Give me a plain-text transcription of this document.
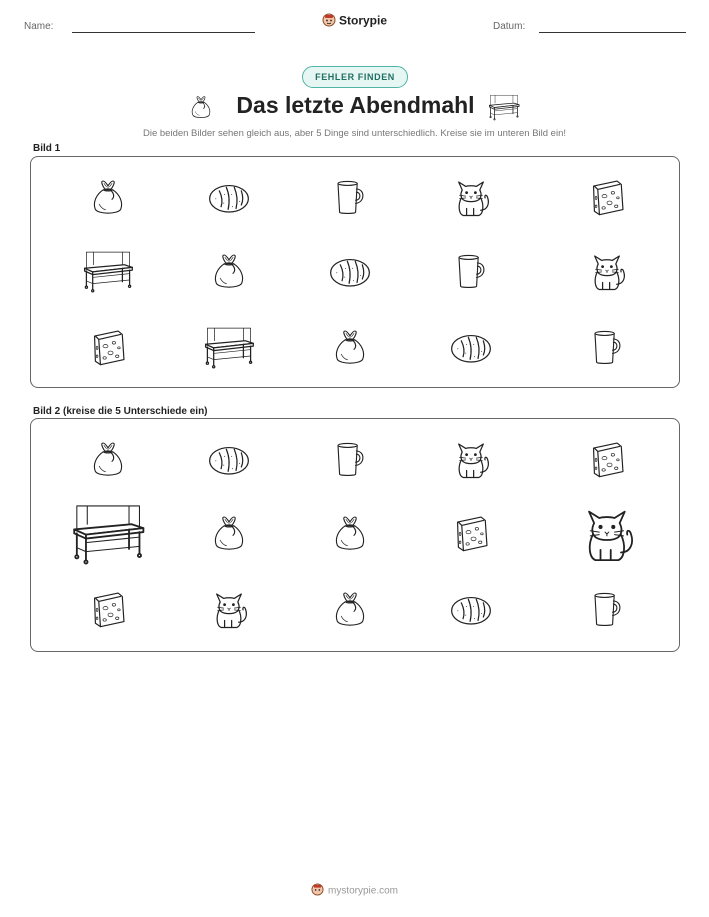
Name:	Storypie	Datum:
FEHLER FINDEN
Das letzte Abendmahl
Die beiden Bilder sehen gleich aus, aber 5 Dinge sind unterschiedlich. Kreise sie im unteren Bild ein!
Bild 1
Bild 2 (kreise die 5 Unterschiede ein)
mystorypie.com
